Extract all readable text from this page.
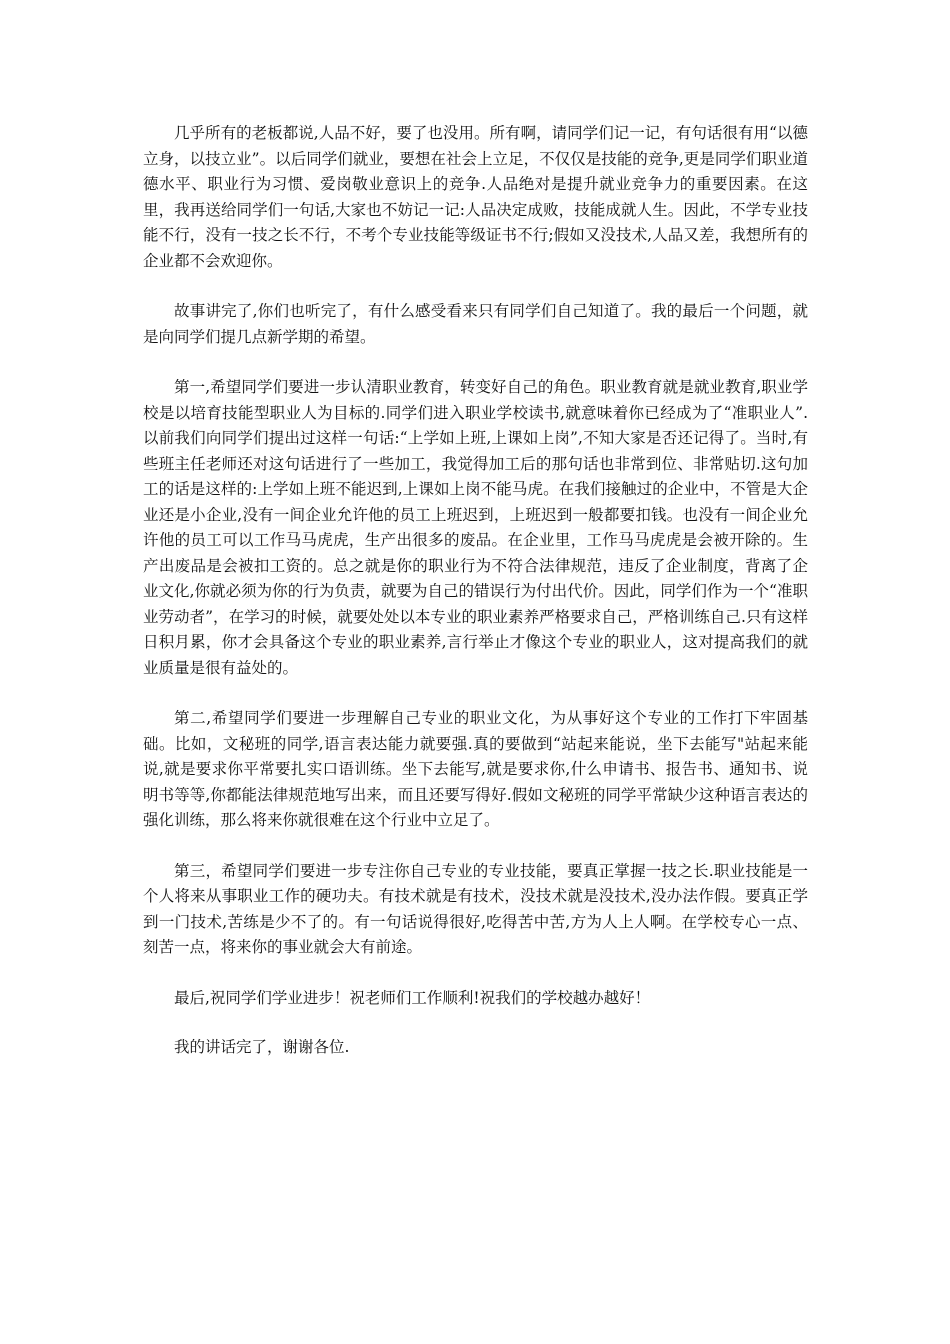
几乎所有的老板都说,人品不好，要了也没用。所有啊，请同学们记一记，有句话很有用“以德立身，以技立业”。以后同学们就业，要想在社会上立足，不仅仅是技能的竞争,更是同学们职业道德水平、职业行为习惯、爱岗敬业意识上的竞争.人品绝对是提升就业竞争力的重要因素。在这里，我再送给同学们一句话,大家也不妨记一记:人品决定成败，技能成就人生。因此，不学专业技能不行，没有一技之长不行，不考个专业技能等级证书不行;假如又没技术,人品又差，我想所有的企业都不会欢迎你。

故事讲完了,你们也听完了，有什么感受看来只有同学们自己知道了。我的最后一个问题，就是向同学们提几点新学期的希望。

第一,希望同学们要进一步认清职业教育，转变好自己的角色。职业教育就是就业教育,职业学校是以培育技能型职业人为目标的.同学们进入职业学校读书,就意味着你已经成为了“准职业人”.以前我们向同学们提出过这样一句话:“上学如上班,上课如上岗”,不知大家是否还记得了。当时,有些班主任老师还对这句话进行了一些加工，我觉得加工后的那句话也非常到位、非常贴切.这句加工的话是这样的:上学如上班不能迟到,上课如上岗不能马虎。在我们接触过的企业中，不管是大企业还是小企业,没有一间企业允许他的员工上班迟到，上班迟到一般都要扣钱。也没有一间企业允许他的员工可以工作马马虎虎，生产出很多的废品。在企业里，工作马马虎虎是会被开除的。生产出废品是会被扣工资的。总之就是你的职业行为不符合法律规范，违反了企业制度，背离了企业文化,你就必须为你的行为负责，就要为自己的错误行为付出代价。因此，同学们作为一个“准职业劳动者”，在学习的时候，就要处处以本专业的职业素养严格要求自己，严格训练自己.只有这样日积月累，你才会具备这个专业的职业素养,言行举止才像这个专业的职业人，这对提高我们的就业质量是很有益处的。

第二,希望同学们要进一步理解自己专业的职业文化，为从事好这个专业的工作打下牢固基础。比如，文秘班的同学,语言表达能力就要强.真的要做到“站起来能说，坐下去能写"站起来能说,就是要求你平常要扎实口语训练。坐下去能写,就是要求你,什么申请书、报告书、通知书、说明书等等,你都能法律规范地写出来，而且还要写得好.假如文秘班的同学平常缺少这种语言表达的强化训练，那么将来你就很难在这个行业中立足了。

第三，希望同学们要进一步专注你自己专业的专业技能，要真正掌握一技之长.职业技能是一个人将来从事职业工作的硬功夫。有技术就是有技术，没技术就是没技术,没办法作假。要真正学到一门技术,苦练是少不了的。有一句话说得很好,吃得苦中苦,方为人上人啊。在学校专心一点、刻苦一点，将来你的事业就会大有前途。

最后,祝同学们学业进步！祝老师们工作顺利!祝我们的学校越办越好！

我的讲话完了，谢谢各位.
